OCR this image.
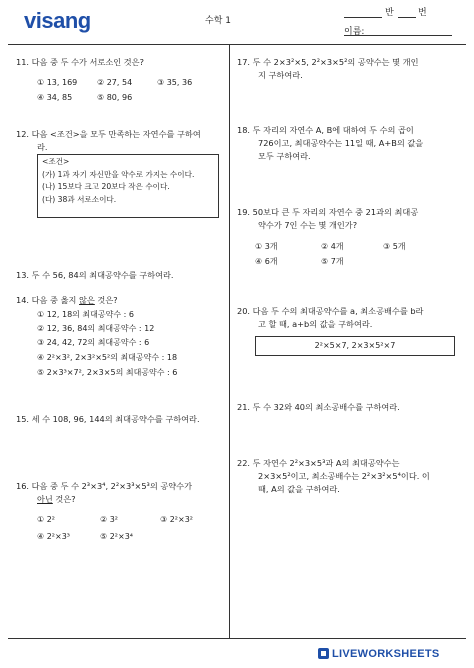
visang	수학 1
반	번
이름:
11. 다음 중 두 수가 서로소인 것은?
① 13, 169 ② 27, 54	③ 35, 36
④ 34, 85	⑤ 80, 96
12. 다음 <조건>을 모두 만족하는 자연수를 구하여
라.
<조건>
(가) 1과 자기 자신만을 약수로 가지는 수이다.
(나) 15보다 크고 20보다 작은 수이다.
(다) 38과 서로소이다.
13. 두 수 56, 84의 최대공약수를 구하여라.
14. 다음 중 옳지 않은 것은?
① 12, 18의 최대공약수 : 6
② 12, 36, 84의 최대공약수 : 12
③ 24, 42, 72의 최대공약수 : 6
④ 2²×3², 2×3²×5²의 최대공약수 : 18
⑤ 2×3³×7², 2×3×5의 최대공약수 : 6
15. 세 수 108, 96, 144의 최대공약수를 구하여라.
16. 다음 중 두 수 2³×3⁴, 2²×3³×5³의 공약수가
아닌 것은?
① 2²	② 3²	③ 2²×3²
④ 2²×3³	⑤ 2²×3⁴
17. 두 수 2×3²×5, 2²×3×5²의 공약수는 몇 개인
지 구하여라.
18. 두 자리의 자연수 A, B에 대하여 두 수의 곱이
726이고, 최대공약수는 11일 때, A+B의 값을
모두 구하여라.
19. 50보다 큰 두 자리의 자연수 중 21과의 최대공
약수가 7인 수는 몇 개인가?
① 3개	② 4개	③ 5개
④ 6개	⑤ 7개
20. 다음 두 수의 최대공약수를 a, 최소공배수를 b라
고 할 때, a+b의 값을 구하여라.
2²×5×7, 2×3×5²×7
21. 두 수 32와 40의 최소공배수를 구하여라.
22. 두 자연수 2²×3×5³과 A의 최대공약수는
2×3×5²이고, 최소공배수는 2²×3²×5⁴이다. 이
때, A의 값을 구하여라.
LIVEWORKSHEETS
